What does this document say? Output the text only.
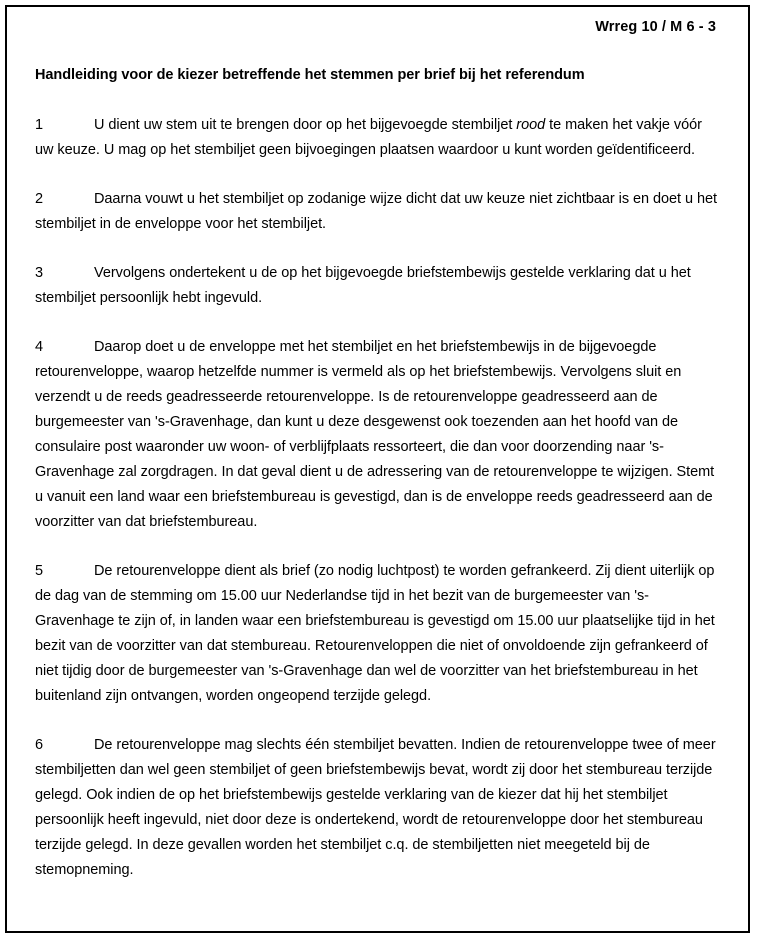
Wrreg 10 / M 6 - 3
Handleiding voor de kiezer betreffende het stemmen per brief bij het referendum
1	U dient uw stem uit te brengen door op het bijgevoegde stembiljet rood te maken het vakje vóór uw keuze. U mag op het stembiljet geen bijvoegingen plaatsen waardoor u kunt worden geïdentificeerd.
2	Daarna vouwt u het stembiljet op zodanige wijze dicht dat uw keuze niet zichtbaar is en doet u het stembiljet in de enveloppe voor het stembiljet.
3	Vervolgens ondertekent u de op het bijgevoegde briefstembewijs gestelde verklaring dat u het stembiljet persoonlijk hebt ingevuld.
4	Daarop doet u de enveloppe met het stembiljet en het briefstembewijs in de bijgevoegde retourenveloppe, waarop hetzelfde nummer is vermeld als op het briefstembewijs. Vervolgens sluit en verzendt u de reeds geadresseerde retourenveloppe. Is de retourenveloppe geadresseerd aan de burgemeester van 's-Gravenhage, dan kunt u deze desgewenst ook toezenden aan het hoofd van de consulaire post waaronder uw woon- of verblijfplaats ressorteert, die dan voor doorzending naar 's-Gravenhage zal zorgdragen. In dat geval dient u de adressering van de retourenveloppe te wijzigen. Stemt u vanuit een land waar een briefstembureau is gevestigd, dan is de enveloppe reeds geadresseerd aan de voorzitter van dat briefstembureau.
5	De retourenveloppe dient als brief (zo nodig luchtpost) te worden gefrankeerd. Zij dient uiterlijk op de dag van de stemming om 15.00 uur Nederlandse tijd in het bezit van de burgemeester van 's-Gravenhage te zijn of, in landen waar een briefstembureau is gevestigd om 15.00 uur plaatselijke tijd in het bezit van de voorzitter van dat stembureau. Retourenveloppen die niet of onvoldoende zijn gefrankeerd of niet tijdig door de burgemeester van 's-Gravenhage dan wel de voorzitter van het briefstembureau in het buitenland zijn ontvangen, worden ongeopend terzijde gelegd.
6	De retourenveloppe mag slechts één stembiljet bevatten. Indien de retourenveloppe twee of meer stembiljetten dan wel geen stembiljet of geen briefstembewijs bevat, wordt zij door het stembureau terzijde gelegd. Ook indien de op het briefstembewijs gestelde verklaring van de kiezer dat hij het stembiljet persoonlijk heeft ingevuld, niet door deze is ondertekend, wordt de retourenveloppe door het stembureau terzijde gelegd. In deze gevallen worden het stembiljet c.q. de stembiljetten niet meegeteld bij de stemopneming.
